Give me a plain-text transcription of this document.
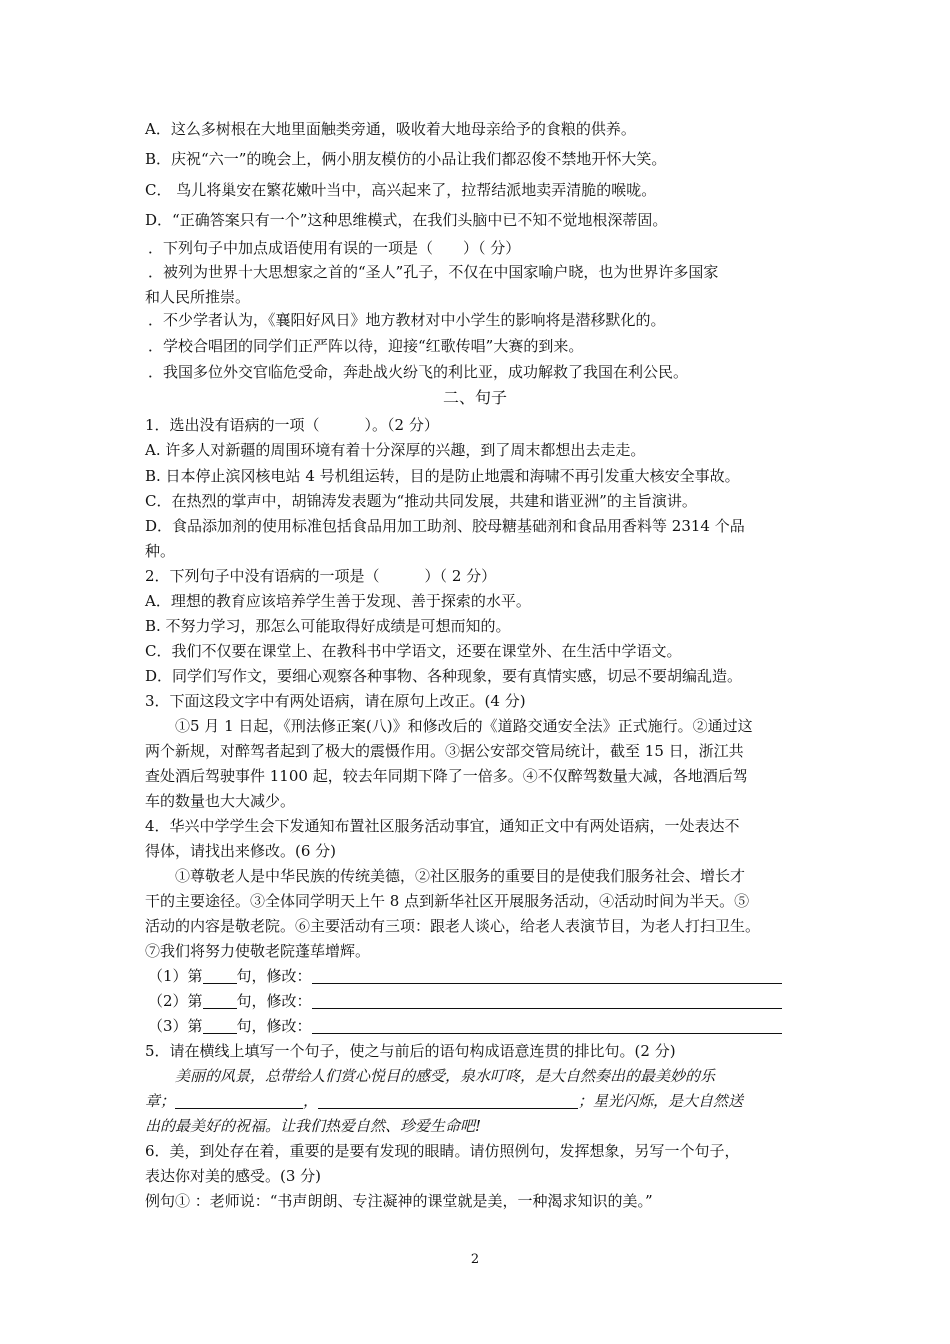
A．这么多树根在大地里面触类旁通，吸收着大地母亲给予的食粮的供养。
B．庆祝“六一”的晚会上，俩小朋友模仿的小品让我们都忍俊不禁地开怀大笑。
C． 鸟儿将巢安在繁花嫩叶当中，高兴起来了，拉帮结派地卖弄清脆的喉咙。
D．“正确答案只有一个”这种思维模式，在我们头脑中已不知不觉地根深蒂固。
．下列句子中加点成语使用有误的一项是（　　）（ 分）
．被列为世界十大思想家之首的“圣人”孔子，不仅在中国家喻户晓，也为世界许多国家
和人民所推崇。
．不少学者认为，《襄阳好风日》地方教材对中小学生的影响将是潜移默化的。
．学校合唱团的同学们正严阵以待，迎接“红歌传唱”大赛的到来。
．我国多位外交官临危受命，奔赴战火纷飞的利比亚，成功解救了我国在利公民。
二、句子
1．选出没有语病的一项（　　　）。（2 分）
A. 许多人对新疆的周围环境有着十分深厚的兴趣，到了周末都想出去走走。
B. 日本停止滨冈核电站 4 号机组运转，目的是防止地震和海啸不再引发重大核安全事故。
C．在热烈的掌声中，胡锦涛发表题为“推动共同发展，共建和谐亚洲”的主旨演讲。
D．食品添加剂的使用标准包括食品用加工助剂、胶母糖基础剂和食品用香料等 2314 个品
种。
2．下列句子中没有语病的一项是（　　　）（ 2 分）
A．理想的教育应该培养学生善于发现、善于探索的水平。
B. 不努力学习，那怎么可能取得好成绩是可想而知的。
C．我们不仅要在课堂上、在教科书中学语文，还要在课堂外、在生活中学语文。
D．同学们写作文，要细心观察各种事物、各种现象，要有真情实感，切忌不要胡编乱造。
3．下面这段文字中有两处语病，请在原句上改正。(4 分)
①5 月 1 日起，《刑法修正案(八)》和修改后的《道路交通安全法》正式施行。②通过这
两个新规，对醉驾者起到了极大的震慑作用。③据公安部交管局统计，截至 15 日，浙江共
查处酒后驾驶事件 1100 起，较去年同期下降了一倍多。④不仅醉驾数量大减，各地酒后驾
车的数量也大大减少。
4．华兴中学学生会下发通知布置社区服务活动事宜，通知正文中有两处语病，一处表达不
得体，请找出来修改。(6 分)
①尊敬老人是中华民族的传统美德，②社区服务的重要目的是使我们服务社会、增长才
干的主要途径。③全体同学明天上午 8 点到新华社区开展服务活动，④活动时间为半天。⑤
活动的内容是敬老院。⑥主要活动有三项：跟老人谈心，给老人表演节目，为老人打扫卫生。
⑦我们将努力使敬老院蓬荜增辉。
（1）第 句，修改：
（2）第 句，修改：
（3）第 句，修改：
5．请在横线上填写一个句子，使之与前后的语句构成语意连贯的排比句。(2 分)
美丽的风景，总带给人们赏心悦目的感受，泉水叮咚，是大自然奏出的最美妙的乐
章；	，	；星光闪烁，是大自然送
出的最美好的祝福。让我们热爱自然、珍爱生命吧!
6．美，到处存在着，重要的是要有发现的眼睛。请仿照例句，发挥想象，另写一个句子，
表达你对美的感受。(3 分)
例句① ：老师说：“书声朗朗、专注凝神的课堂就是美，一种渴求知识的美。”
2
